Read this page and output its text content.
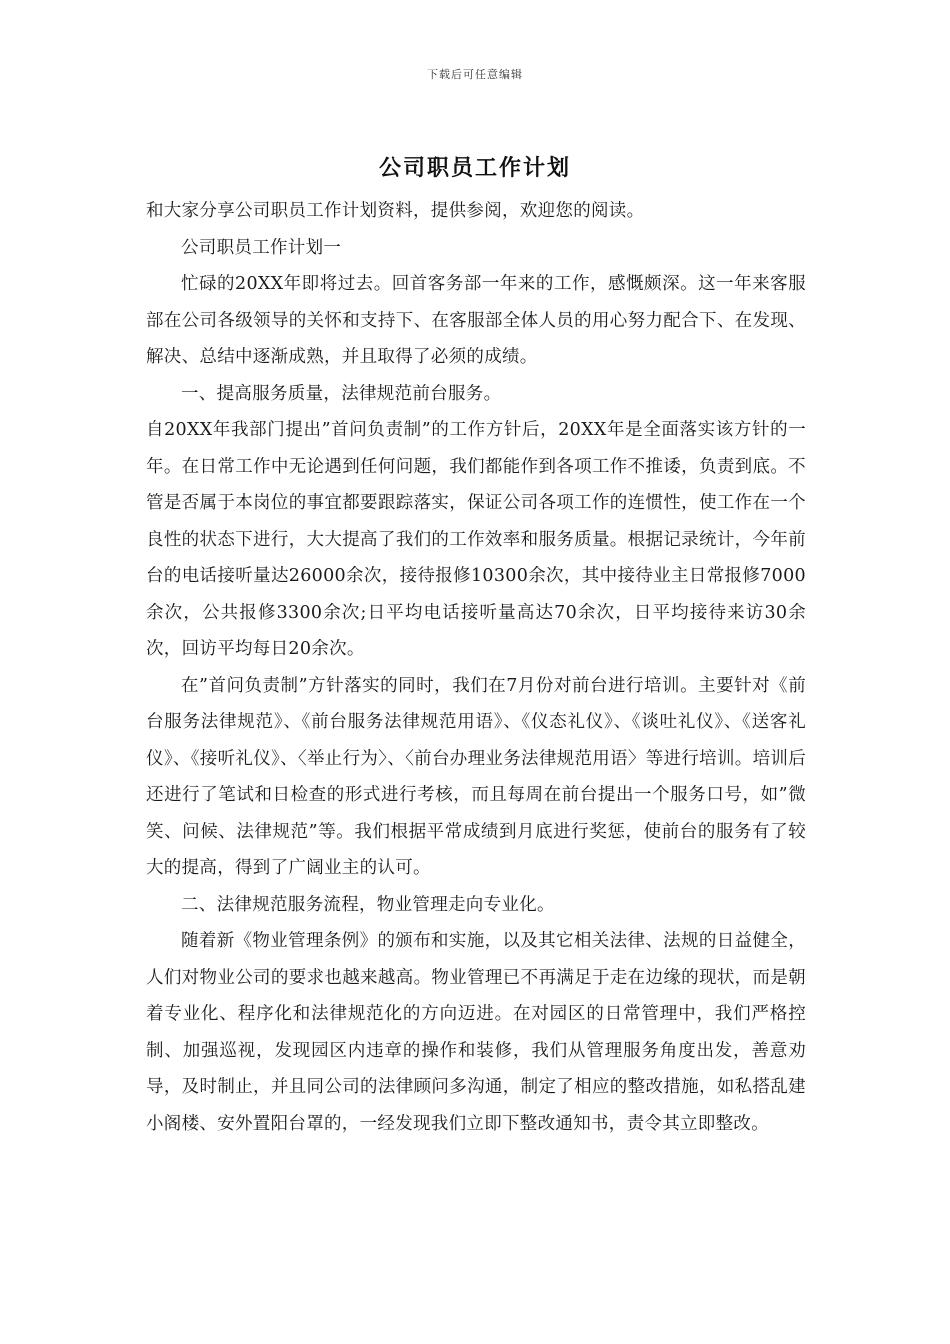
下载后可任意编辑
公司职员工作计划

和大家分享公司职员工作计划资料，提供参阅，欢迎您的阅读。

公司职员工作计划一

忙碌的20XX年即将过去。回首客务部一年来的工作，感慨颇深。这一年来客服部在公司各级领导的关怀和支持下、在客服部全体人员的用心努力配合下、在发现、解决、总结中逐渐成熟，并且取得了必须的成绩。

一、提高服务质量，法律规范前台服务。

自20XX年我部门提出”首问负责制”的工作方针后，20XX年是全面落实该方针的一年。在日常工作中无论遇到任何问题，我们都能作到各项工作不推诿，负责到底。不管是否属于本岗位的事宜都要跟踪落实，保证公司各项工作的连惯性，使工作在一个良性的状态下进行，大大提高了我们的工作效率和服务质量。根据记录统计，今年前台的电话接听量达26000余次，接待报修10300余次，其中接待业主日常报修7000余次，公共报修3300余次;日平均电话接听量高达70余次，日平均接待来访30余次，回访平均每日20余次。

在”首问负责制”方针落实的同时，我们在7月份对前台进行培训。主要针对《前台服务法律规范》、《前台服务法律规范用语》、《仪态礼仪》、《谈吐礼仪》、《送客礼仪》、《接听礼仪》、〈举止行为〉、〈前台办理业务法律规范用语〉等进行培训。培训后还进行了笔试和日检查的形式进行考核，而且每周在前台提出一个服务口号，如”微笑、问候、法律规范”等。我们根据平常成绩到月底进行奖惩，使前台的服务有了较大的提高，得到了广阔业主的认可。

二、法律规范服务流程，物业管理走向专业化。

随着新《物业管理条例》的颁布和实施，以及其它相关法律、法规的日益健全，人们对物业公司的要求也越来越高。物业管理已不再满足于走在边缘的现状，而是朝着专业化、程序化和法律规范化的方向迈进。在对园区的日常管理中，我们严格控制、加强巡视，发现园区内违章的操作和装修，我们从管理服务角度出发，善意劝导，及时制止，并且同公司的法律顾问多沟通，制定了相应的整改措施，如私搭乱建小阁楼、安外置阳台罩的，一经发现我们立即下整改通知书，责令其立即整改。
